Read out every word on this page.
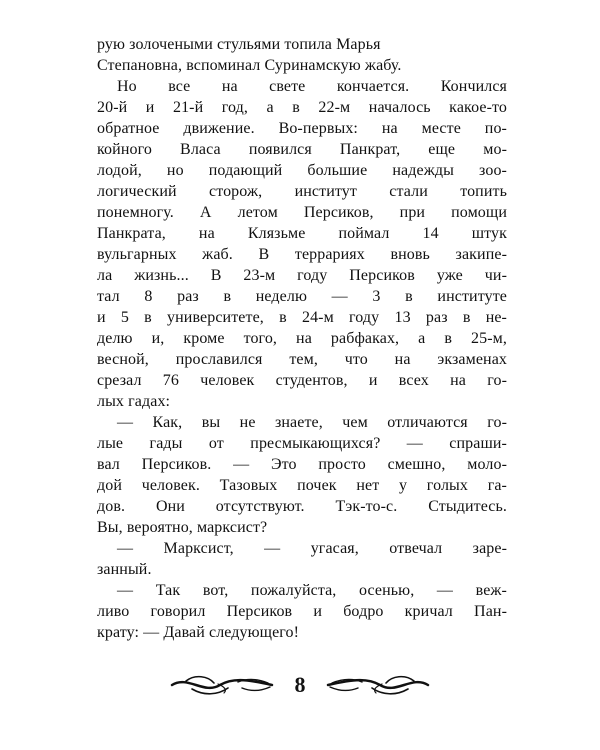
рую золочеными стульями топила Марья
Степановна, вспоминал Суринамскую жабу.
Но все на свете кончается. Кончился
20-й и 21-й год, а в 22-м началось какое-то
обратное движение. Во-первых: на месте по-
койного Власа появился Панкрат, еще мо-
лодой, но подающий большие надежды зоо-
логический сторож, институт стали топить
понемногу. А летом Персиков, при помощи
Панкрата, на Клязьме поймал 14 штук
вульгарных жаб. В террариях вновь закипе-
ла жизнь... В 23-м году Персиков уже чи-
тал 8 раз в неделю — 3 в институте
и 5 в университете, в 24-м году 13 раз в не-
делю и, кроме того, на рабфаках, а в 25-м,
весной, прославился тем, что на экзаменах
срезал 76 человек студентов, и всех на го-
лых гадах:
— Как, вы не знаете, чем отличаются го-
лые гады от пресмыкающихся? — спраши-
вал Персиков. — Это просто смешно, моло-
дой человек. Тазовых почек нет у голых га-
дов. Они отсутствуют. Тэк-то-с. Стыдитесь.
Вы, вероятно, марксист?
— Марксист, — угасая, отвечал заре-
занный.
— Так вот, пожалуйста, осенью, — веж-
ливо говорил Персиков и бодро кричал Пан-
крату: — Давай следующего!
8
